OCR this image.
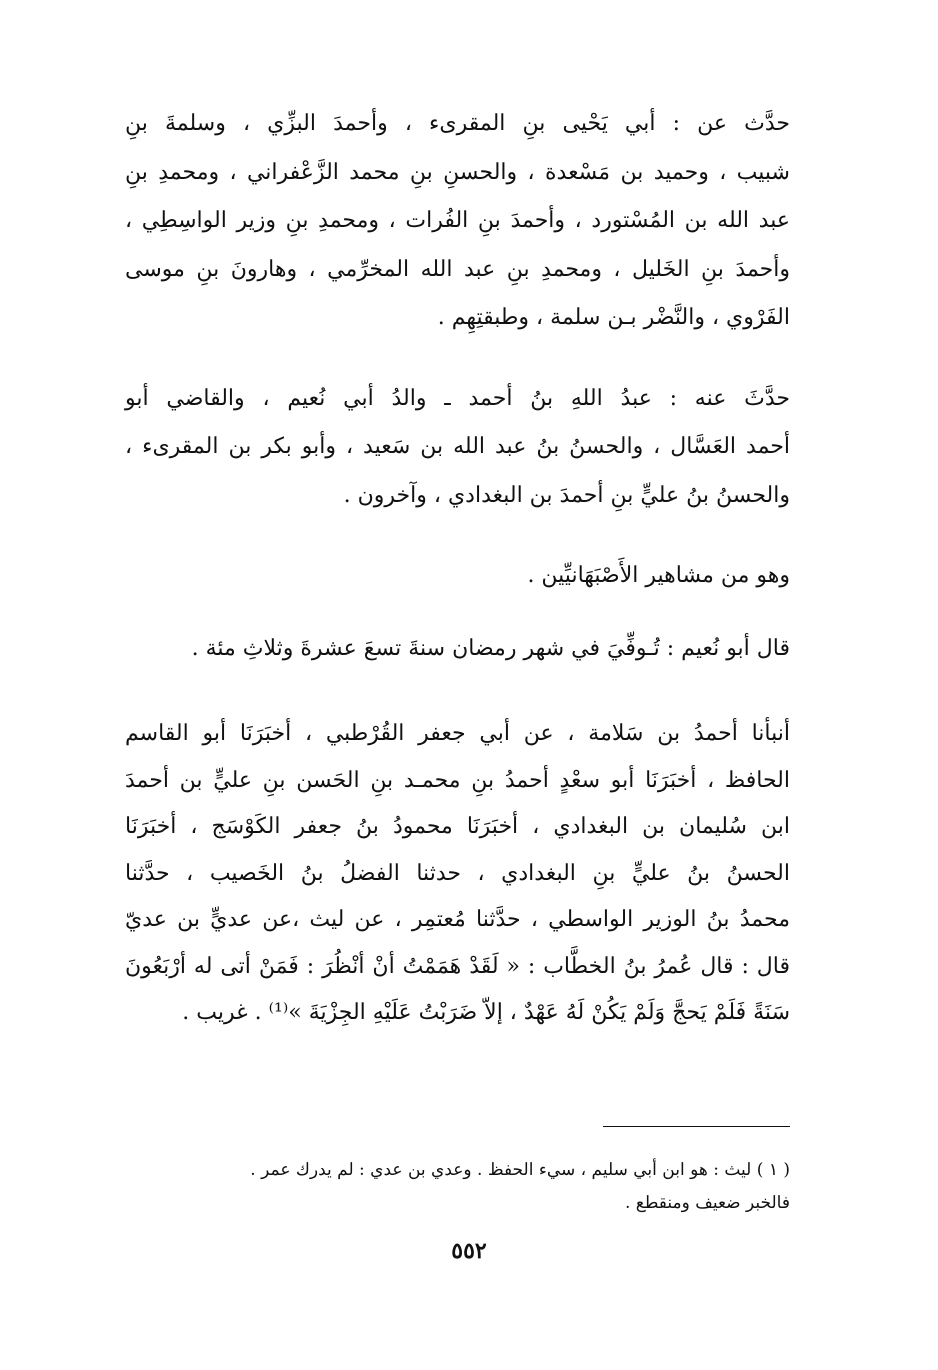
حدَّث عن : أبي يَحْيى بنِ المقرىء ، وأحمدَ البزِّي ، وسلمةَ بنِ

شبيب ، وحميد بن مَسْعدة ، والحسنِ بنِ محمد الزَّعْفراني ، ومحمدِ بنِ

عبد الله بن المُسْتورد ، وأحمدَ بنِ الفُرات ، ومحمدِ بنِ وزير الواسِطِي ،

وأحمدَ بنِ الخَليل ، ومحمدِ بنِ عبد الله المخرِّمي ، وهارونَ بنِ موسى

الفَرْوي ، والنَّضْر بـن سلمة ، وطبقتِهِم .

حدَّثَ عنه : عبدُ اللهِ بنُ أحمد ـ والدُ أبي نُعيم ، والقاضي أبو

أحمد العَسَّال ، والحسنُ بنُ عبد الله بن سَعيد ، وأبو بكر بن المقرىء ،

والحسنُ بنُ عليٍّ بنِ أحمدَ بن البغدادي ، وآخرون .

وهو من مشاهير الأَصْبَهَانيِّين .

قال أبو نُعيم : تُـوفِّيَ في شهر رمضان سنةَ تسعَ عشرةَ وثلاثِ مئة .

أنبأنا أحمدُ بن سَلامة ، عن أبي جعفر القُرْطبي ، أخبَرَنَا أبو القاسم

الحافظ ، أخبَرَنَا أبو سعْدٍ أحمدُ بنِ محمـد بنِ الحَسن بنِ عليٍّ بن أحمدَ

ابن سُليمان بن البغدادي ، أخبَرَنَا محمودُ بنُ جعفر الكَوْسَج ، أخبَرَنَا

الحسنُ بنُ عليٍّ بنِ البغدادي ، حدثنا الفضلُ بنُ الخَصيب ، حدَّثنا

محمدُ بنُ الوزير الواسطي ، حدَّثنا مُعتمِر ، عن ليث ،عن عديٍّ بن عديّ

قال : قال عُمرُ بنُ الخطَّاب : « لَقَدْ هَمَمْتُ أنْ أنْظُرَ : فَمَنْ أتى له أرْبَعُونَ

سَنَةً فَلَمْ يَحجَّ وَلَمْ يَكُنْ لَهُ عَهْدٌ ، إلاّ ضَرَبْتُ عَلَيْهِ الجِزْيَةَ »⁽¹⁾ . غريب .

( ١ ) ليث : هو ابن أبي سليم ، سيء الحفظ . وعدي بن عدي : لم يدرك عمر .

فالخبر ضعيف ومنقطع .

٥٥٢
